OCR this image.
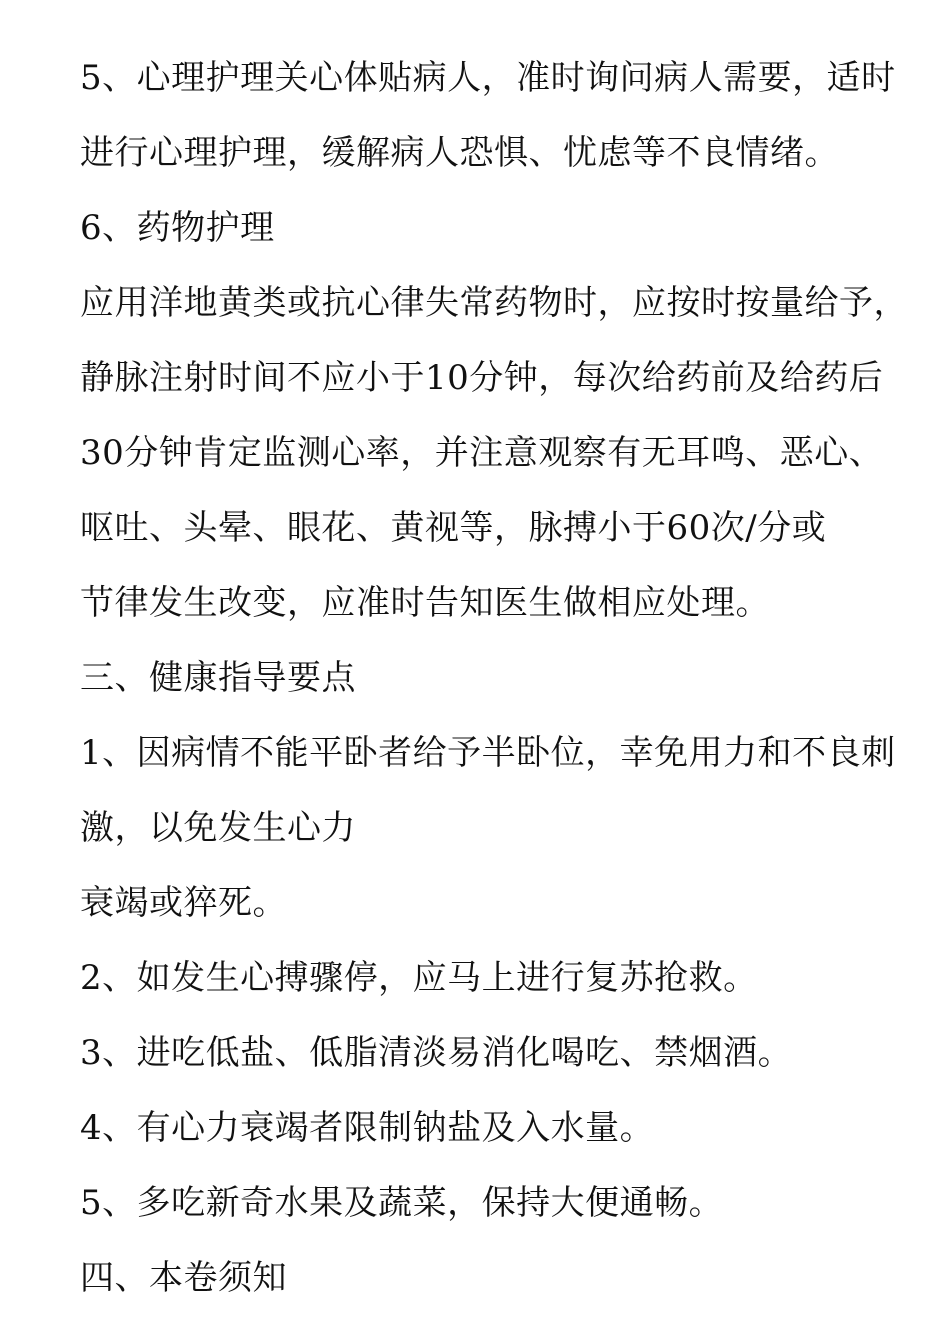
5、心理护理关心体贴病人，准时询问病人需要，适时

进行心理护理，缓解病人恐惧、忧虑等不良情绪。

6、药物护理

应用洋地黄类或抗心律失常药物时，应按时按量给予，

静脉注射时间不应小于10分钟，每次给药前及给药后

30分钟肯定监测心率，并注意观察有无耳鸣、恶心、

呕吐、头晕、眼花、黄视等，脉搏小于60次/分或

节律发生改变，应准时告知医生做相应处理。

三、健康指导要点

1、因病情不能平卧者给予半卧位，幸免用力和不良刺

激，以免发生心力

衰竭或猝死。

2、如发生心搏骤停，应马上进行复苏抢救。

3、进吃低盐、低脂清淡易消化喝吃、禁烟酒。

4、有心力衰竭者限制钠盐及入水量。

5、多吃新奇水果及蔬菜，保持大便通畅。

四、本卷须知
